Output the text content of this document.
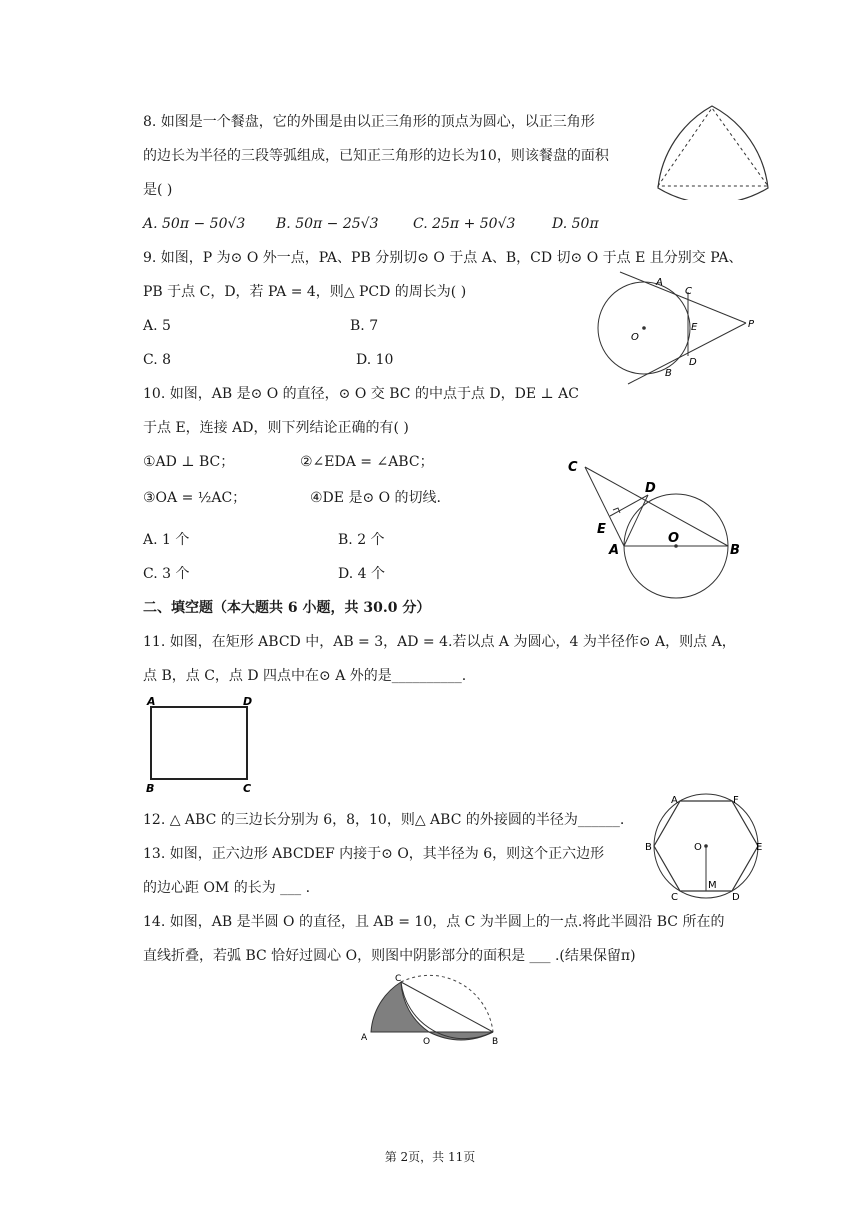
8. 如图是一个餐盘，它的外围是由以正三角形的顶点为圆心，以正三角形
的边长为半径的三段等弧组成，已知正三角形的边长为10，则该餐盘的面积
是( )
A. 50π − 50√3 B. 50π − 25√3 C. 25π + 50√3	D. 50π
9. 如图，P 为⊙ O 外一点，PA、PB 分别切⊙ O 于点 A、B，CD 切⊙ O 于点 E 且分别交 PA、
PB 于点 C，D，若 PA = 4，则△ PCD 的周长为( )
A. 5	B. 7
C. 8	D. 10
A
C
E	P
O
D
B
10. 如图，AB 是⊙ O 的直径，⊙ O 交 BC 的中点于点 D，DE ⊥ AC
于点 E，连接 AD，则下列结论正确的有( )
①AD ⊥ BC；	②∠EDA = ∠ABC；
③OA = ½AC；	④DE 是⊙ O 的切线.
A. 1 个	B. 2 个
C. 3 个	D. 4 个
C
D
E
A
O
B
二、填空题（本大题共 6 小题，共 30.0 分）
11. 如图，在矩形 ABCD 中，AB = 3，AD = 4.若以点 A 为圆心，4 为半径作⊙ A，则点 A，
点 B，点 C，点 D 四点中在⊙ A 外的是__________.
A	D
B	C
12. △ ABC 的三边长分别为 6，8，10，则△ ABC 的外接圆的半径为______.
13. 如图，正六边形 ABCDEF 内接于⊙ O，其半径为 6，则这个正六边形
的边心距 OM 的长为 ___ .
A	F
B	O	E
C
M
D
14. 如图，AB 是半圆 O 的直径，且 AB = 10，点 C 为半圆上的一点.将此半圆沿 BC 所在的
直线折叠，若弧 BC 恰好过圆心 O，则图中阴影部分的面积是 ___ .(结果保留π)
C
A	O	B
第 2页，共 11页
